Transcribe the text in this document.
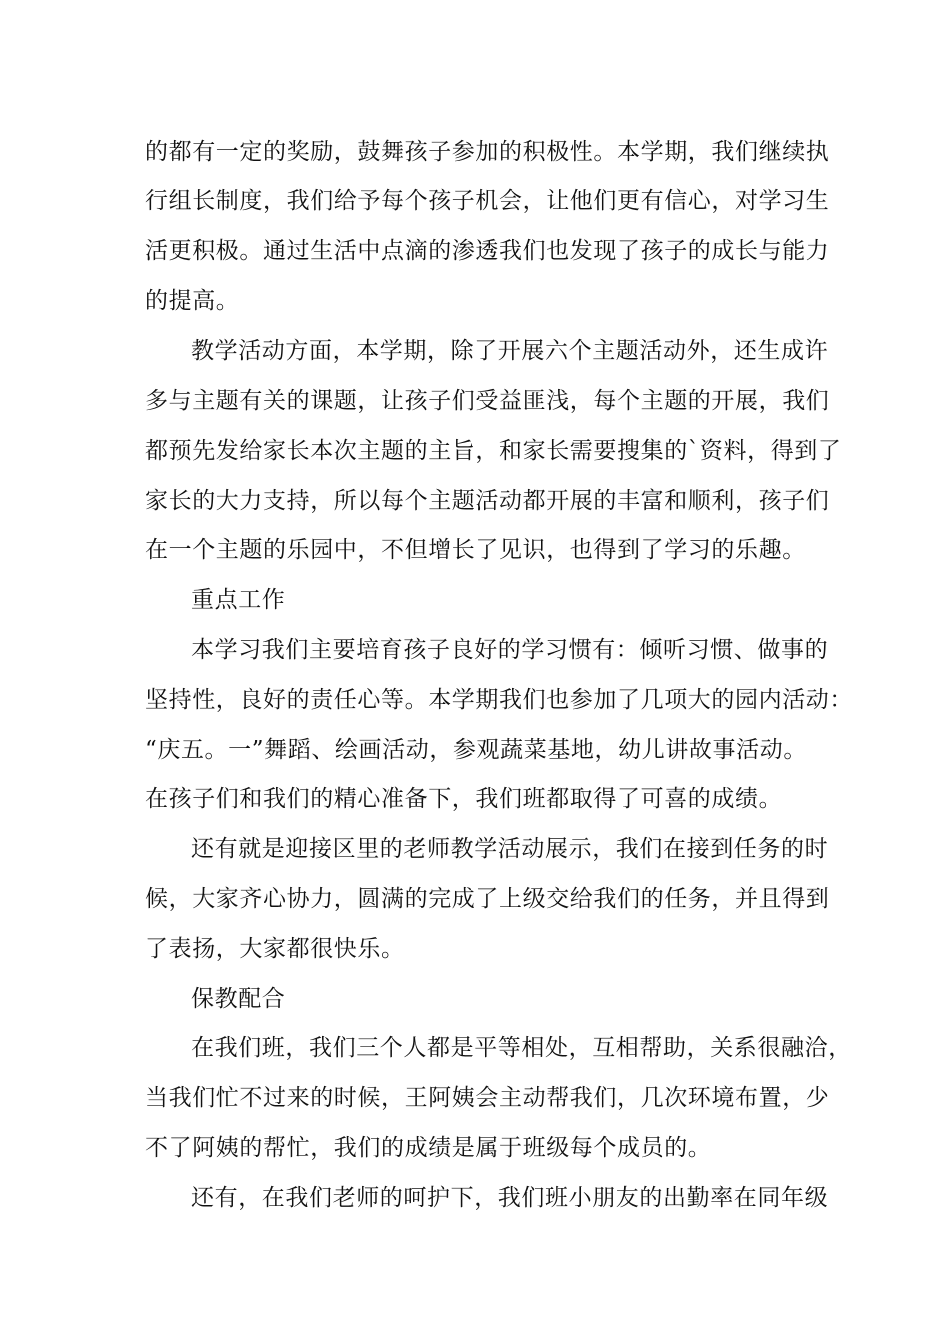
的都有一定的奖励，鼓舞孩子参加的积极性。本学期，我们继续执
行组长制度，我们给予每个孩子机会，让他们更有信心，对学习生
活更积极。通过生活中点滴的渗透我们也发现了孩子的成长与能力
的提高。
教学活动方面，本学期，除了开展六个主题活动外，还生成许
多与主题有关的课题，让孩子们受益匪浅，每个主题的开展，我们
都预先发给家长本次主题的主旨，和家长需要搜集的`资料，得到了
家长的大力支持，所以每个主题活动都开展的丰富和顺利，孩子们
在一个主题的乐园中，不但增长了见识，也得到了学习的乐趣。
重点工作
本学习我们主要培育孩子良好的学习惯有：倾听习惯、做事的
坚持性，良好的责任心等。本学期我们也参加了几项大的园内活动：
“庆五。一”舞蹈、绘画活动，参观蔬菜基地，幼儿讲故事活动。
在孩子们和我们的精心准备下，我们班都取得了可喜的成绩。
还有就是迎接区里的老师教学活动展示，我们在接到任务的时
候，大家齐心协力，圆满的完成了上级交给我们的任务，并且得到
了表扬，大家都很快乐。
保教配合
在我们班，我们三个人都是平等相处，互相帮助，关系很融洽，
当我们忙不过来的时候，王阿姨会主动帮我们，几次环境布置，少
不了阿姨的帮忙，我们的成绩是属于班级每个成员的。
还有，在我们老师的呵护下，我们班小朋友的出勤率在同年级
